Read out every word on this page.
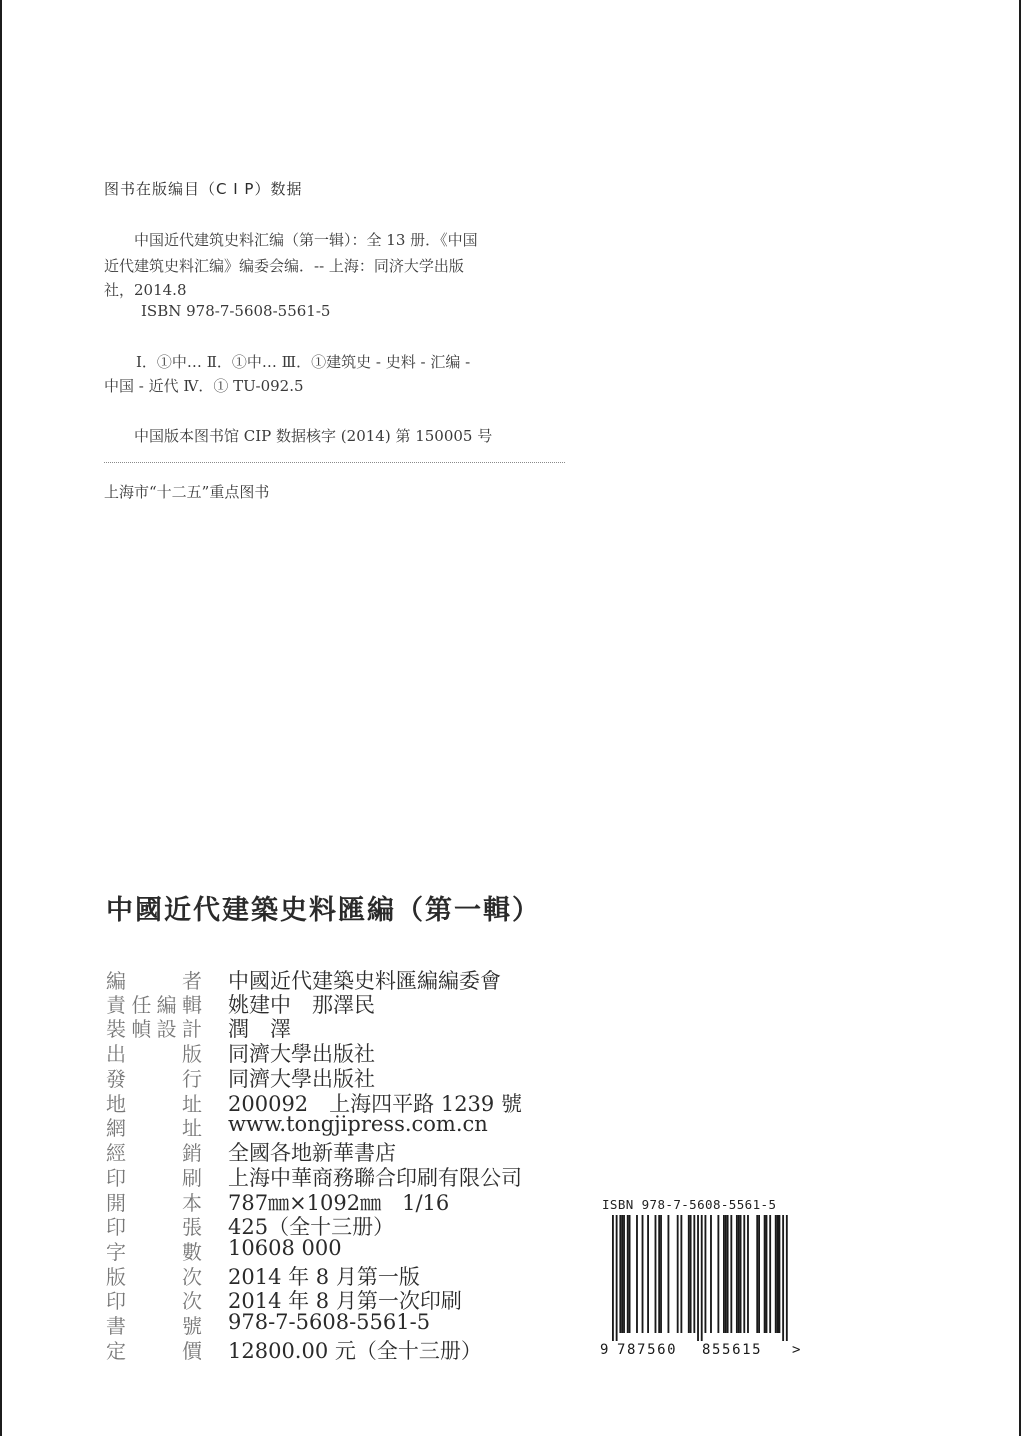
图书在版编目（C I P）数据
中国近代建筑史料汇编（第一辑）：全 13 册．《中国
近代建筑史料汇编》编委会编．-- 上海：同济大学出版
社，2014.8
ISBN 978-7-5608-5561-5
Ⅰ．①中… Ⅱ．①中… Ⅲ．①建筑史 - 史料 - 汇编 -
中国 - 近代 Ⅳ．① TU-092.5
中国版本图书馆 CIP 数据核字 (2014) 第 150005 号
上海市“十二五”重点图书
中國近代建築史料匯編（第一輯）
編　者 中國近代建築史料匯編編委會
責任編輯 姚建中　那澤民
裝幀設計 潤　澤
出　版 同濟大學出版社
發　行 同濟大學出版社
地　址 200092　上海四平路 1239 號
網　址 www.tongjipress.com.cn
經　銷 全國各地新華書店
印　刷 上海中華商務聯合印刷有限公司
開　本 787㎜×1092㎜　1/16
印　張 425（全十三册）
字　數 10608 000
版　次 2014 年 8 月第一版
印　次 2014 年 8 月第一次印刷
書　號 978-7-5608-5561-5
定　價 12800.00 元（全十三册）
ISBN 978-7-5608-5561-5
9 787560 855615 >
